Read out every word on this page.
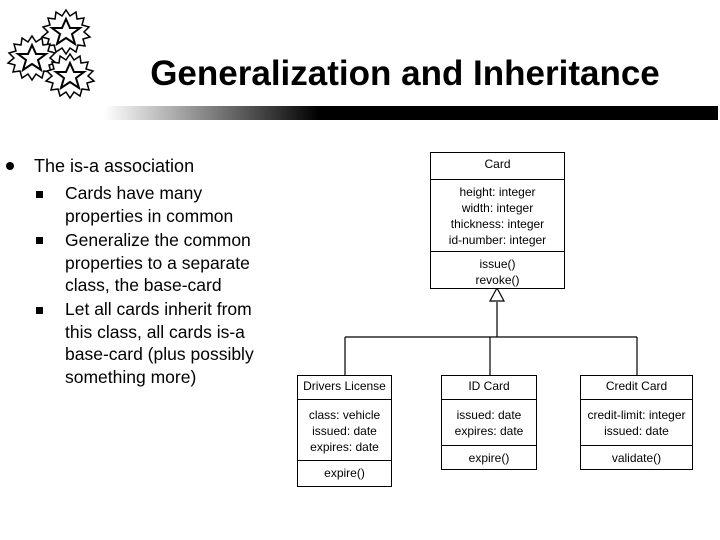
Generalization and Inheritance
The is-a association
Cards have many
properties in common
Generalize the common
properties to a separate
class, the base-card
Let all cards inherit from
this class, all cards is-a
base-card (plus possibly
something more)
Card
height: integer
width: integer
thickness: integer
id-number: integer
issue()
revoke()
Drivers License
class: vehicle
issued: date
expires: date
expire()
ID Card
issued: date
expires: date
expire()
Credit Card
credit-limit: integer
issued: date
validate()
